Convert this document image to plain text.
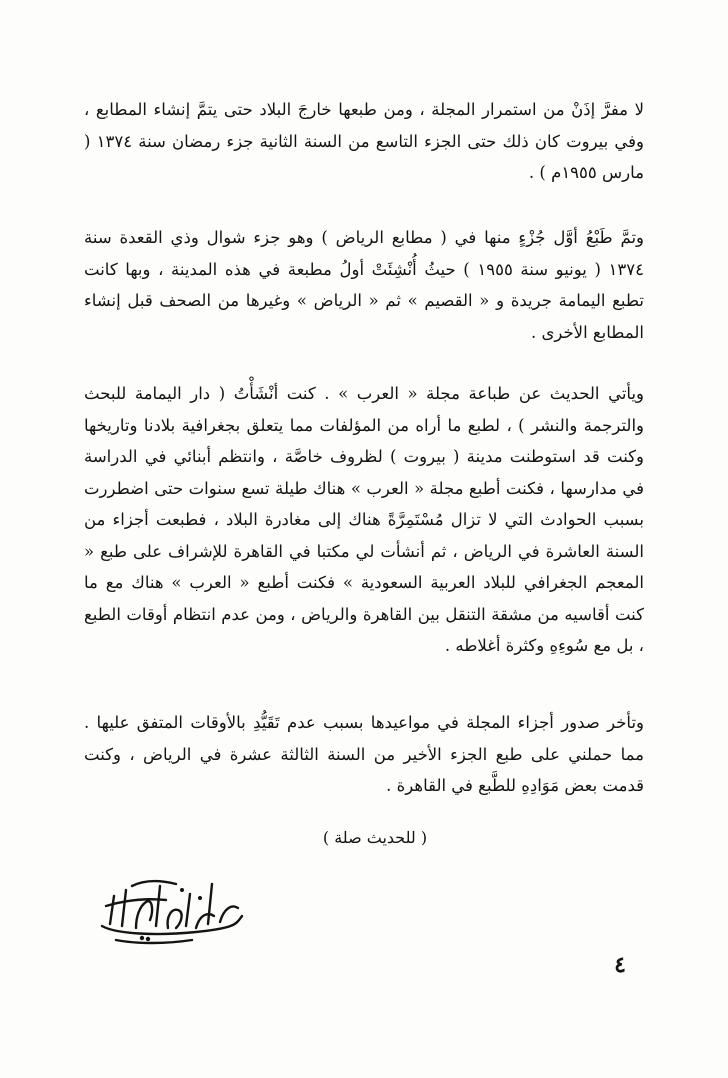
لا مفرَّ إذَنْ من استمرار المجلة ، ومن طبعها خارجَ البلاد حتى يتمَّ إنشاء المطابع ، وفي بيروت كان ذلك حتى الجزء التاسع من السنة الثانية جزء رمضان سنة ١٣٧٤ ( مارس ١٩٥٥م ) .

وتمَّ طَبْعُ أوَّل جُزْءٍ منها في ( مطابع الرياض ) وهو جزء شوال وذي القعدة سنة ١٣٧٤ ( يونيو سنة ١٩٥٥ ) حيثُ أُنْشِئَتْ أولُ مطبعة في هذه المدينة ، وبها كانت تطبع اليمامة جريدة و « القصيم » ثم « الرياض » وغيرها من الصحف قبل إنشاء المطابع الأخرى .

ويأتي الحديث عن طباعة مجلة « العرب » . كنت أنْشَأْتُ ( دار اليمامة للبحث والترجمة والنشر ) ، لطبع ما أراه من المؤلفات مما يتعلق بجغرافية بلادنا وتاريخها وكنت قد استوطنت مدينة ( بيروت ) لظروف خاصَّة ، وانتظم أبنائي في الدراسة في مدارسها ، فكنت أطبع مجلة « العرب » هناك طيلة تسع سنوات حتى اضطررت بسبب الحوادث التي لا تزال مُسْتَمِرَّةً هناك إلى مغادرة البلاد ، فطبعت أجزاء من السنة العاشرة في الرياض ، ثم أنشأت لي مكتبا في القاهرة للإشراف على طبع « المعجم الجغرافي للبلاد العربية السعودية » فكنت أطبع « العرب » هناك مع ما كنت أقاسيه من مشقة التنقل بين القاهرة والرياض ، ومن عدم انتظام أوقات الطبع ، بل مع سُوءِهِ وكثرة أغلاطه .

وتأخر صدور أجزاء المجلة في مواعيدها بسبب عدم تَقَيُّدِ بالأوقات المتفق عليها . مما حملني على طبع الجزء الأخير من السنة الثالثة عشرة في الرياض ، وكنت قدمت بعض مَوَادِهِ للطَّبع في القاهرة .

( للحديث صلة )
٤
